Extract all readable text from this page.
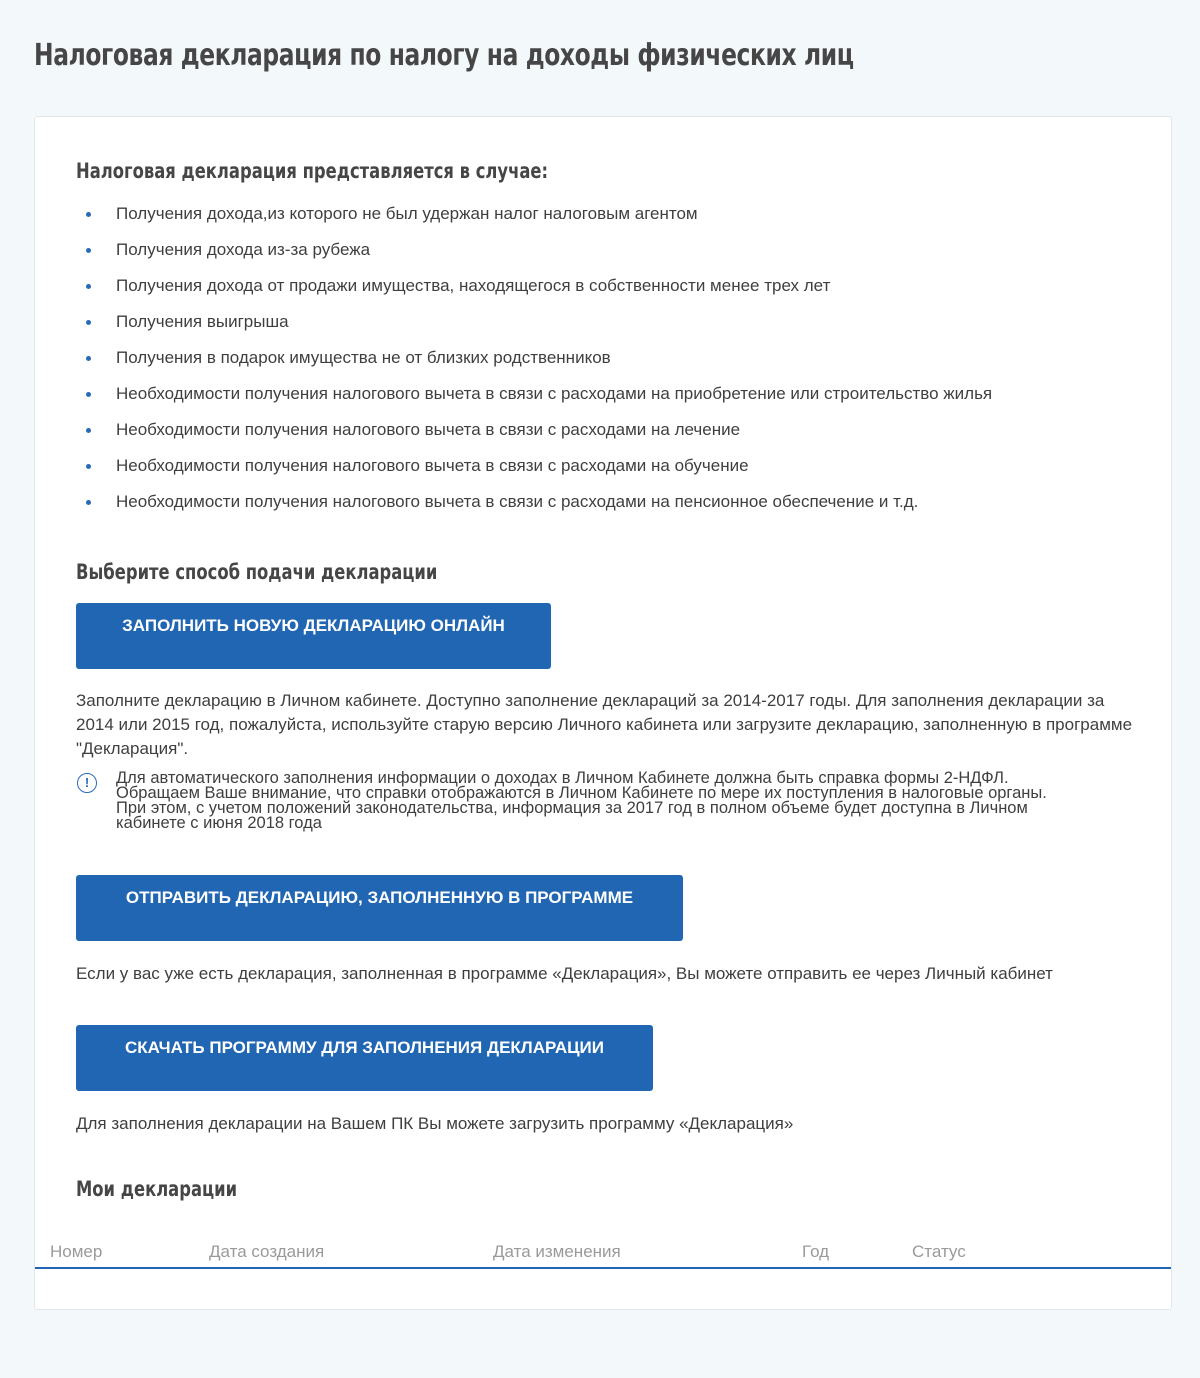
Налоговая декларация по налогу на доходы физических лиц
Налоговая декларация представляется в случае:
Получения дохода,из которого не был удержан налог налоговым агентом
Получения дохода из-за рубежа
Получения дохода от продажи имущества, находящегося в собственности менее трех лет
Получения выигрыша
Получения в подарок имущества не от близких родственников
Необходимости получения налогового вычета в связи с расходами на приобретение или строительство жилья
Необходимости получения налогового вычета в связи с расходами на лечение
Необходимости получения налогового вычета в связи с расходами на обучение
Необходимости получения налогового вычета в связи с расходами на пенсионное обеспечение и т.д.
Выберите способ подачи декларации
ЗАПОЛНИТЬ НОВУЮ ДЕКЛАРАЦИЮ ОНЛАЙН

Заполните декларацию в Личном кабинете. Доступно заполнение деклараций за 2014-2017 годы. Для заполнения декларации за 2014 или 2015 год, пожалуйста, используйте старую версию Личного кабинета или загрузите декларацию, заполненную в программе "Декларация".

!	Для автоматического заполнения информации о доходах в Личном Кабинете должна быть справка формы 2-НДФЛ.
Обращаем Ваше внимание, что справки отображаются в Личном Кабинете по мере их поступления в налоговые органы.
При этом, с учетом положений законодательства, информация за 2017 год в полном объеме будет доступна в Личном
кабинете с июня 2018 года
ОТПРАВИТЬ ДЕКЛАРАЦИЮ, ЗАПОЛНЕННУЮ В ПРОГРАММЕ

Если у вас уже есть декларация, заполненная в программе «Декларация», Вы можете отправить ее через Личный кабинет

СКАЧАТЬ ПРОГРАММУ ДЛЯ ЗАПОЛНЕНИЯ ДЕКЛАРАЦИИ

Для заполнения декларации на Вашем ПК Вы можете загрузить программу «Декларация»

Мои декларации
Номер	Дата создания	Дата изменения	Год	Статус
